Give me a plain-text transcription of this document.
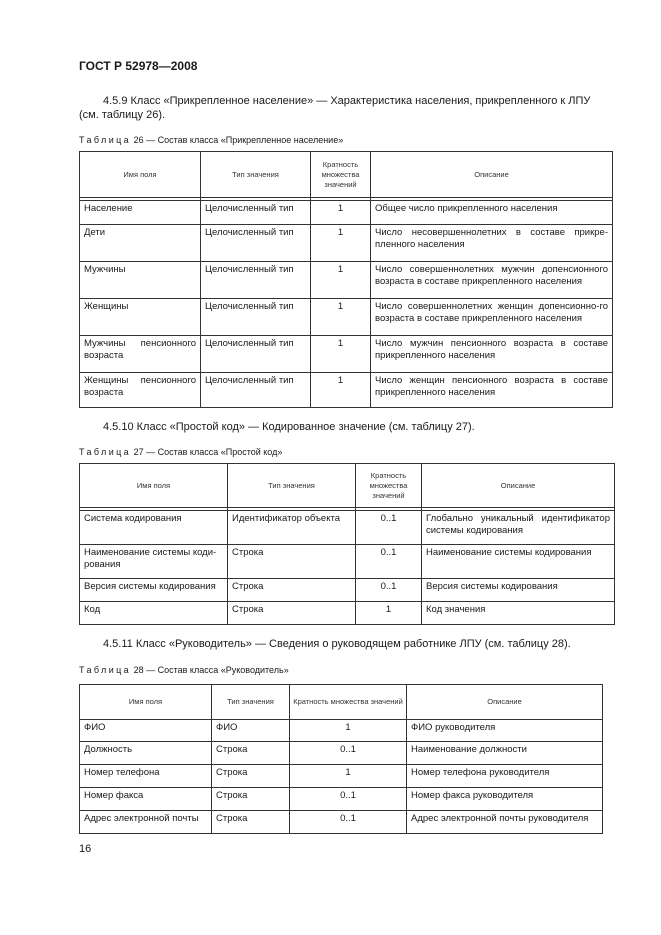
ГОСТ Р 52978—2008
4.5.9 Класс «Прикрепленное население» — Характеристика населения, прикрепленного к ЛПУ (см. таблицу 26).
Таблица 26 — Состав класса «Прикрепленное население»
Имя поля	Тип значения	Кратность множества значений	Описание

Население	Целочисленный тип	1	Общее число прикрепленного населения
Дети	Целочисленный тип	1	Число несовершеннолетних в составе прикре-пленного населения
Мужчины	Целочисленный тип	1	Число совершеннолетних мужчин допенсионного возраста в составе прикрепленного населения
Женщины	Целочисленный тип	1	Число совершеннолетних женщин допенсионно-го возраста в составе прикрепленного населения
Мужчины пенсионного возраста	Целочисленный тип	1	Число мужчин пенсионного возраста в составе прикрепленного населения
Женщины пенсионного возраста	Целочисленный тип	1	Число женщин пенсионного возраста в составе прикрепленного населения
4.5.10 Класс «Простой код» — Кодированное значение (см. таблицу 27).
Таблица 27 — Состав класса «Простой код»
Имя поля	Тип значения	Кратность множества значений	Описание

Система кодирования	Идентификатор объекта	0..1	Глобально уникальный идентификатор системы кодирования
Наименование системы коди-рования	Строка	0..1	Наименование системы кодирования
Версия системы кодирования	Строка	0..1	Версия системы кодирования
Код	Строка	1	Код значения
4.5.11 Класс «Руководитель» — Сведения о руководящем работнике ЛПУ (см. таблицу 28).
Таблица 28 — Состав класса «Руководитель»
Имя поля	Тип значения	Кратность множества значений	Описание
ФИО	ФИО	1	ФИО руководителя
Должность	Строка	0..1	Наименование должности
Номер телефона	Строка	1	Номер телефона руководителя
Номер факса	Строка	0..1	Номер факса руководителя
Адрес электронной почты	Строка	0..1	Адрес электронной почты руководителя
16
